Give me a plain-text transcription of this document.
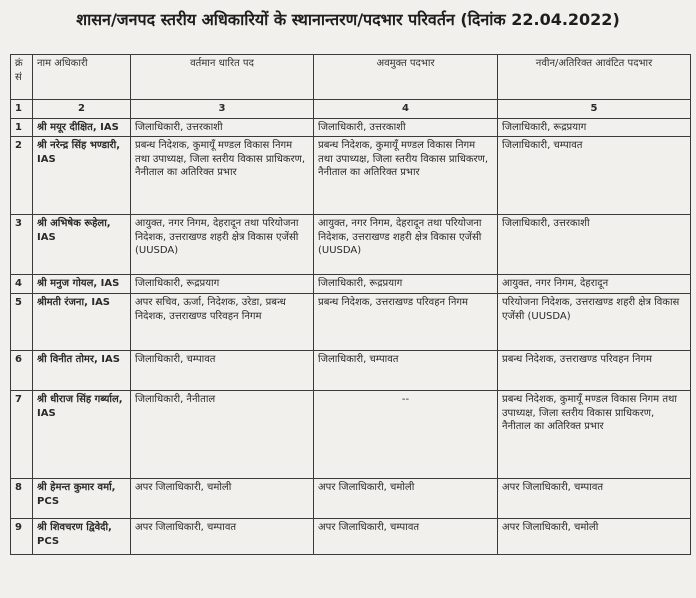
शासन/जनपद स्तरीय अधिकारियों के स्थानान्तरण/पदभार परिवर्तन (दिनांक 22.04.2022)
क्रं सं	नाम अधिकारी	वर्तमान धारित पद	अवमुक्त पदभार	नवीन/अतिरिक्त आवंटित पदभार
1	2	3	4	5
1	श्री मयूर दीक्षित, IAS	जिलाधिकारी, उत्तरकाशी	जिलाधिकारी, उत्तरकाशी	जिलाधिकारी, रूद्रप्रयाग
2	श्री नरेन्द्र सिंह भण्डारी, IAS	प्रबन्ध निदेशक, कुमायूँ मण्डल विकास निगम तथा उपाध्यक्ष, जिला स्तरीय विकास प्राधिकरण, नैनीताल का अतिरिक्त प्रभार	प्रबन्ध निदेशक, कुमायूँ मण्डल विकास निगम तथा उपाध्यक्ष, जिला स्तरीय विकास प्राधिकरण, नैनीताल का अतिरिक्त प्रभार	जिलाधिकारी, चम्पावत
3	श्री अभिषेक रूहेला, IAS	आयुक्त, नगर निगम, देहरादून तथा परियोजना निदेशक, उत्तराखण्ड शहरी क्षेत्र विकास एजेंसी (UUSDA)	आयुक्त, नगर निगम, देहरादून तथा परियोजना निदेशक, उत्तराखण्ड शहरी क्षेत्र विकास एजेंसी (UUSDA)	जिलाधिकारी, उत्तरकाशी
4	श्री मनुज गोयल, IAS	जिलाधिकारी, रूद्रप्रयाग	जिलाधिकारी, रूद्रप्रयाग	आयुक्त, नगर निगम, देहरादून
5	श्रीमती रंजना, IAS	अपर सचिव, ऊर्जा, निदेशक, उरेडा, प्रबन्ध निदेशक, उत्तराखण्ड परिवहन निगम	प्रबन्ध निदेशक, उत्तराखण्ड परिवहन निगम	परियोजना निदेशक, उत्तराखण्ड शहरी क्षेत्र विकास एजेंसी (UUSDA)
6	श्री विनीत तोमर, IAS	जिलाधिकारी, चम्पावत	जिलाधिकारी, चम्पावत	प्रबन्ध निदेशक, उत्तराखण्ड परिवहन निगम
7	श्री धीराज सिंह गर्ब्याल, IAS	जिलाधिकारी, नैनीताल	--	प्रबन्ध निदेशक, कुमायूँ मण्डल विकास निगम तथा उपाध्यक्ष, जिला स्तरीय विकास प्राधिकरण, नैनीताल का अतिरिक्त प्रभार
8	श्री हेमन्त कुमार वर्मा, PCS	अपर जिलाधिकारी, चमोली	अपर जिलाधिकारी, चमोली	अपर जिलाधिकारी, चम्पावत
9	श्री शिवचरण द्विवेदी, PCS	अपर जिलाधिकारी, चम्पावत	अपर जिलाधिकारी, चम्पावत	अपर जिलाधिकारी, चमोली
